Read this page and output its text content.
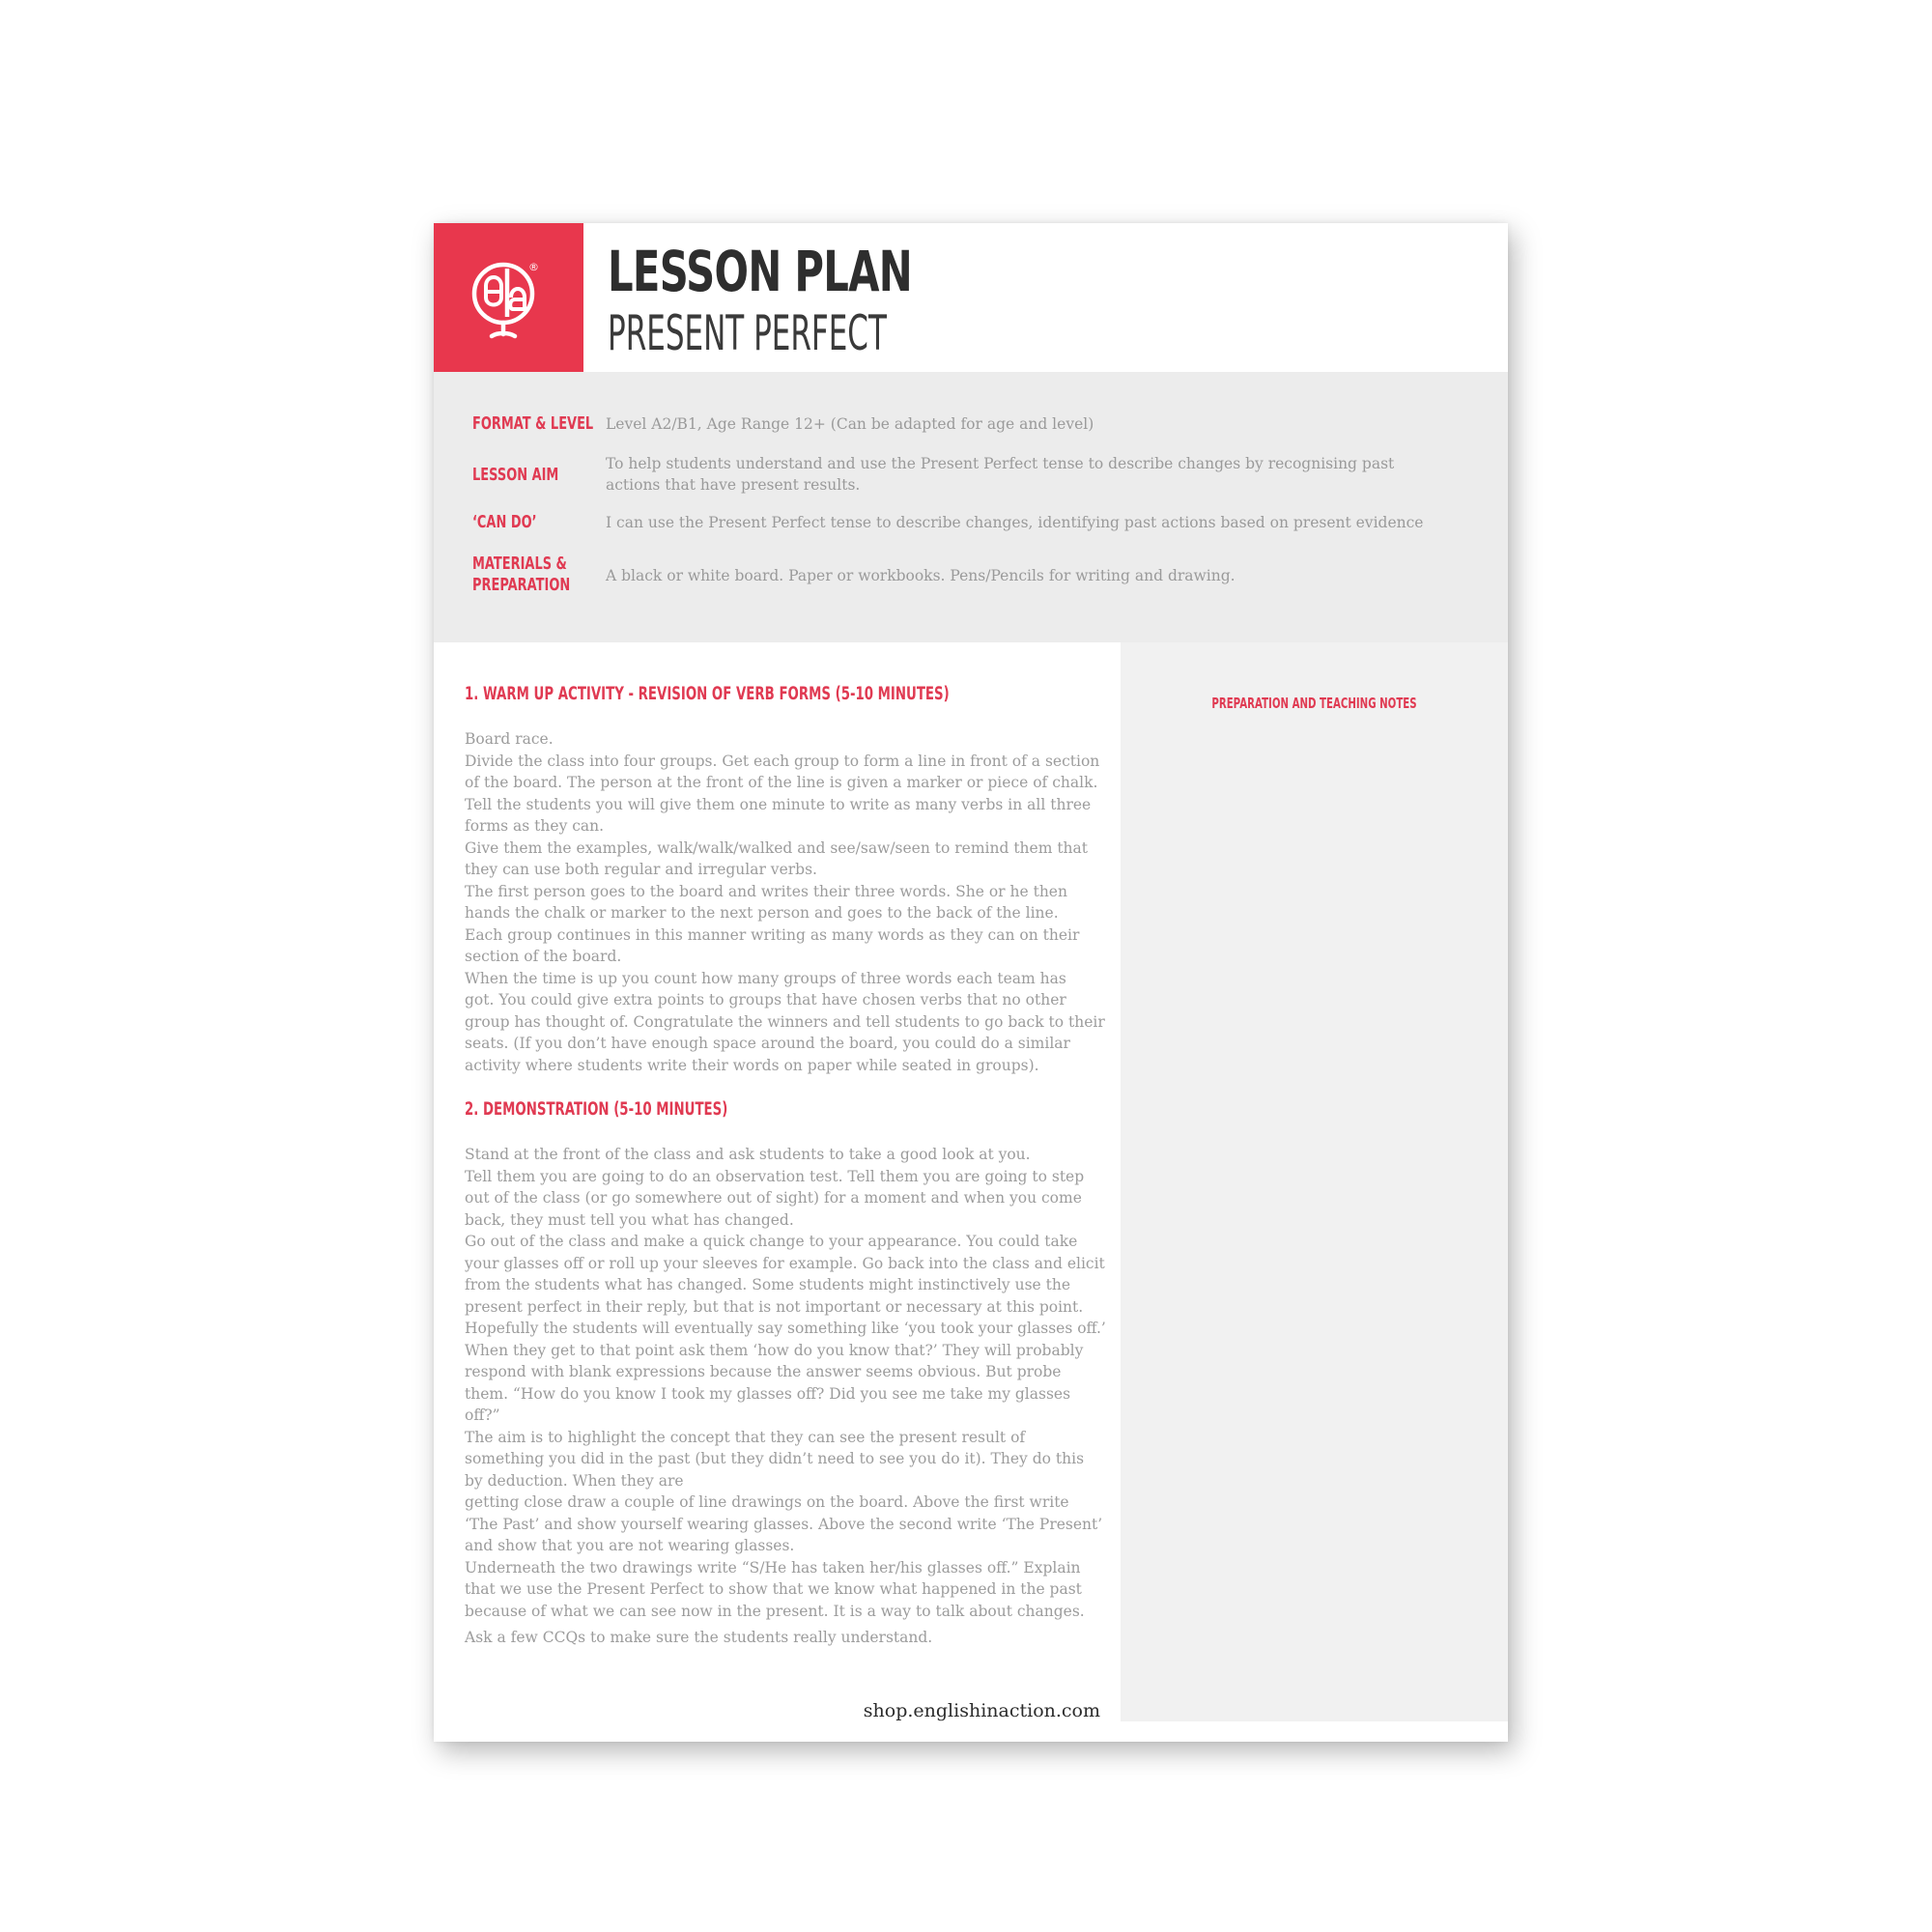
® LESSON PLAN
PRESENT PERFECT
FORMAT & LEVEL Level A2/B1, Age Range 12+ (Can be adapted for age and level)
LESSON AIM
To help students understand and use the Present Perfect tense to describe changes by recognising past actions that have present results.
‘CAN DO’	I can use the Present Perfect tense to describe changes, identifying past actions based on present evidence
MATERIALS &
PREPARATION	A black or white board. Paper or workbooks. Pens/Pencils for writing and drawing.
PREPARATION AND TEACHING NOTES
1. WARM UP ACTIVITY - REVISION OF VERB FORMS (5-10 MINUTES)
Board race.
Divide the class into four groups. Get each group to form a line in front of a section
of the board. The person at the front of the line is given a marker or piece of chalk.
Tell the students you will give them one minute to write as many verbs in all three
forms as they can.
Give them the examples, walk/walk/walked and see/saw/seen to remind them that
they can use both regular and irregular verbs.
The first person goes to the board and writes their three words. She or he then
hands the chalk or marker to the next person and goes to the back of the line.
Each group continues in this manner writing as many words as they can on their
section of the board.
When the time is up you count how many groups of three words each team has
got. You could give extra points to groups that have chosen verbs that no other
group has thought of. Congratulate the winners and tell students to go back to their
seats. (If you don’t have enough space around the board, you could do a similar
activity where students write their words on paper while seated in groups).
2. DEMONSTRATION (5-10 MINUTES)
Stand at the front of the class and ask students to take a good look at you.
Tell them you are going to do an observation test. Tell them you are going to step
out of the class (or go somewhere out of sight) for a moment and when you come
back, they must tell you what has changed.
Go out of the class and make a quick change to your appearance. You could take
your glasses off or roll up your sleeves for example. Go back into the class and elicit
from the students what has changed. Some students might instinctively use the
present perfect in their reply, but that is not important or necessary at this point.
Hopefully the students will eventually say something like ‘you took your glasses off.’
When they get to that point ask them ‘how do you know that?’ They will probably
respond with blank expressions because the answer seems obvious. But probe
them. “How do you know I took my glasses off? Did you see me take my glasses
off?”
The aim is to highlight the concept that they can see the present result of
something you did in the past (but they didn’t need to see you do it). They do this
by deduction. When they are
getting close draw a couple of line drawings on the board. Above the first write
‘The Past’ and show yourself wearing glasses. Above the second write ‘The Present’
and show that you are not wearing glasses.
Underneath the two drawings write “S/He has taken her/his glasses off.” Explain
that we use the Present Perfect to show that we know what happened in the past
because of what we can see now in the present. It is a way to talk about changes.
Ask a few CCQs to make sure the students really understand.
shop.englishinaction.com
